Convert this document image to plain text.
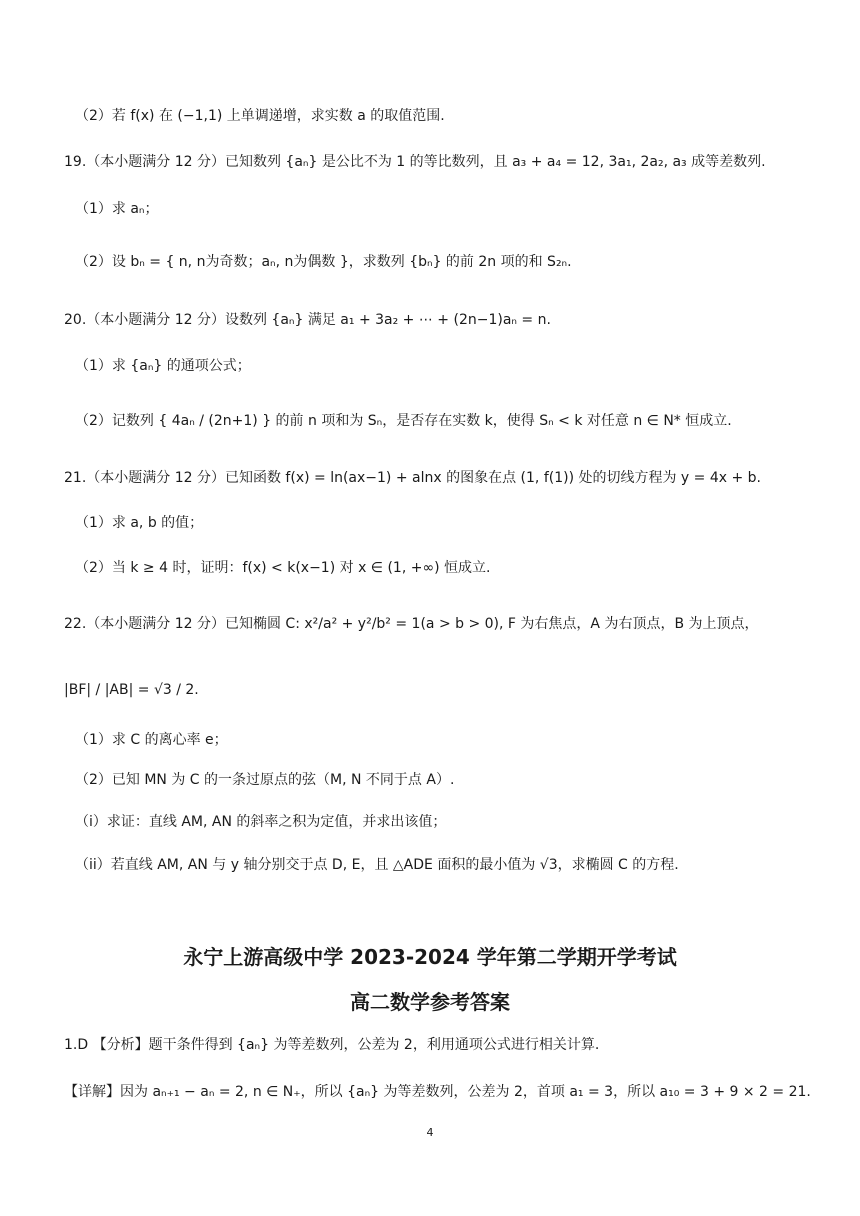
（2）若 f(x) 在 (−1,1) 上单调递增，求实数 a 的取值范围.
19.（本小题满分 12 分）已知数列 {aₙ} 是公比不为 1 的等比数列，且 a₃ + a₄ = 12, 3a₁, 2a₂, a₃ 成等差数列.
（1）求 aₙ；
（2）设 bₙ = { n, n为奇数；aₙ, n为偶数 }，求数列 {bₙ} 的前 2n 项的和 S₂ₙ.
20.（本小题满分 12 分）设数列 {aₙ} 满足 a₁ + 3a₂ + ⋯ + (2n−1)aₙ = n.
（1）求 {aₙ} 的通项公式；
（2）记数列 { 4aₙ / (2n+1) } 的前 n 项和为 Sₙ，是否存在实数 k，使得 Sₙ < k 对任意 n ∈ N* 恒成立.
21.（本小题满分 12 分）已知函数 f(x) = ln(ax−1) + alnx 的图象在点 (1, f(1)) 处的切线方程为 y = 4x + b.
（1）求 a, b 的值；
（2）当 k ≥ 4 时，证明：f(x) < k(x−1) 对 x ∈ (1, +∞) 恒成立.
22.（本小题满分 12 分）已知椭圆 C: x²/a² + y²/b² = 1(a > b > 0), F 为右焦点，A 为右顶点，B 为上顶点，
|BF| / |AB| = √3 / 2.
（1）求 C 的离心率 e；
（2）已知 MN 为 C 的一条过原点的弦（M, N 不同于点 A）.
（i）求证：直线 AM, AN 的斜率之积为定值，并求出该值；
（ii）若直线 AM, AN 与 y 轴分别交于点 D, E，且 △ADE 面积的最小值为 √3，求椭圆 C 的方程.
永宁上游高级中学 2023-2024 学年第二学期开学考试
高二数学参考答案
1.D 【分析】题干条件得到 {aₙ} 为等差数列，公差为 2，利用通项公式进行相关计算.
【详解】因为 aₙ₊₁ − aₙ = 2, n ∈ N₊，所以 {aₙ} 为等差数列，公差为 2，首项 a₁ = 3，所以 a₁₀ = 3 + 9 × 2 = 21.
4
